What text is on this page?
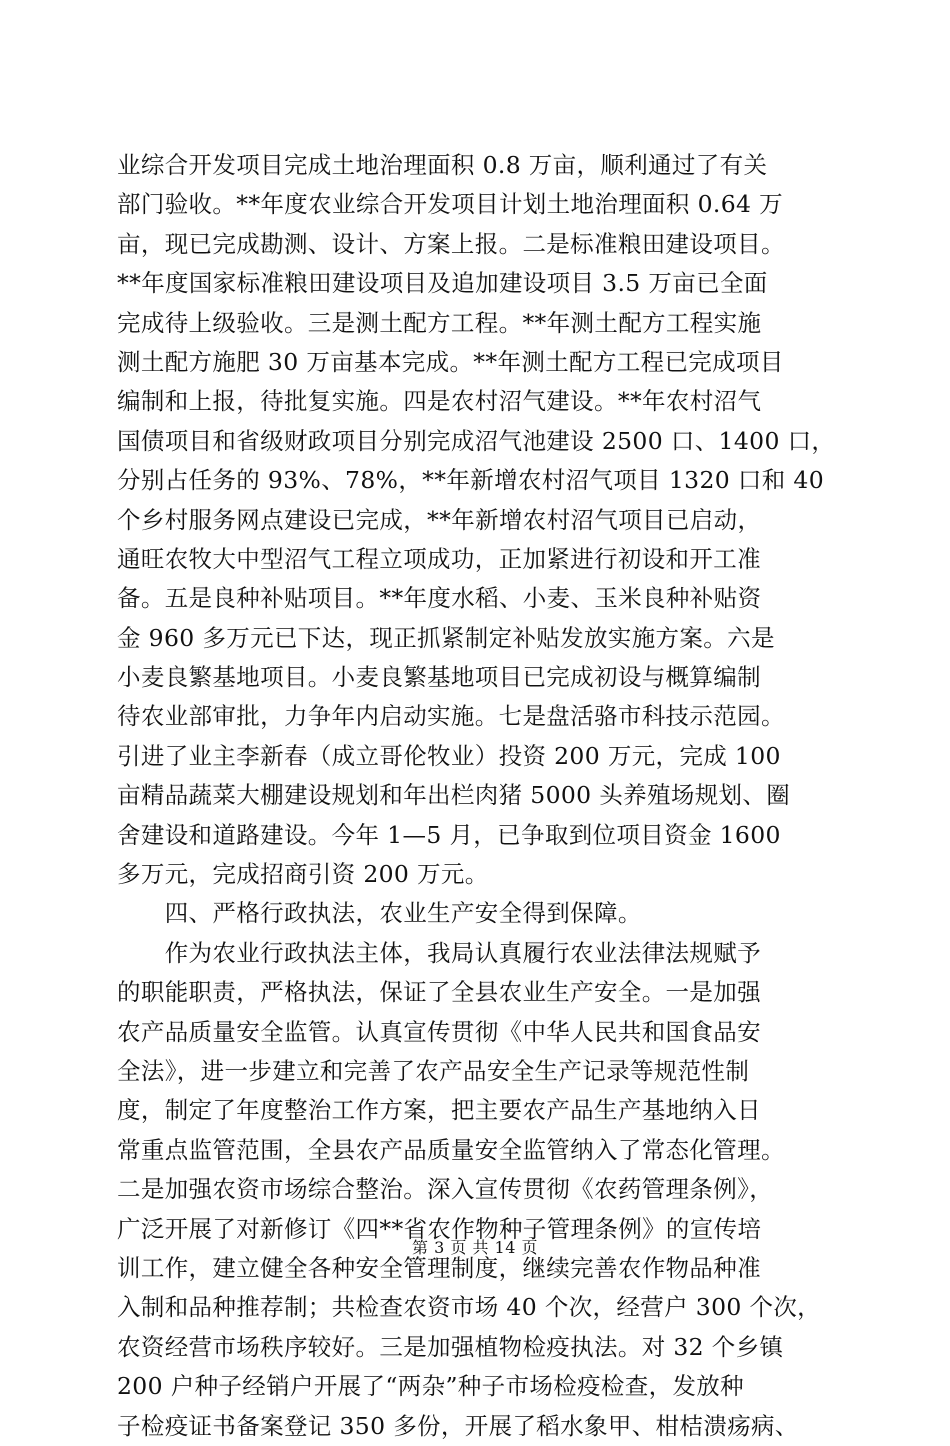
业综合开发项目完成土地治理面积 0.8 万亩，顺利通过了有关
部门验收。**年度农业综合开发项目计划土地治理面积 0.64 万
亩，现已完成勘测、设计、方案上报。二是标准粮田建设项目。
**年度国家标准粮田建设项目及追加建设项目 3.5 万亩已全面
完成待上级验收。三是测土配方工程。**年测土配方工程实施
测土配方施肥 30 万亩基本完成。**年测土配方工程已完成项目
编制和上报，待批复实施。四是农村沼气建设。**年农村沼气
国债项目和省级财政项目分别完成沼气池建设 2500 口、1400 口，
分别占任务的 93%、78%，**年新增农村沼气项目 1320 口和 40
个乡村服务网点建设已完成，**年新增农村沼气项目已启动，
通旺农牧大中型沼气工程立项成功，正加紧进行初设和开工准
备。五是良种补贴项目。**年度水稻、小麦、玉米良种补贴资
金 960 多万元已下达，现正抓紧制定补贴发放实施方案。六是
小麦良繁基地项目。小麦良繁基地项目已完成初设与概算编制
待农业部审批，力争年内启动实施。七是盘活骆市科技示范园。
引进了业主李新春（成立哥伦牧业）投资 200 万元，完成 100
亩精品蔬菜大棚建设规划和年出栏肉猪 5000 头养殖场规划、圈
舍建设和道路建设。今年 1—5 月，已争取到位项目资金 1600
多万元，完成招商引资 200 万元。
　　四、严格行政执法，农业生产安全得到保障。
　　作为农业行政执法主体，我局认真履行农业法律法规赋予
的职能职责，严格执法，保证了全县农业生产安全。一是加强
农产品质量安全监管。认真宣传贯彻《中华人民共和国食品安
全法》，进一步建立和完善了农产品安全生产记录等规范性制
度，制定了年度整治工作方案，把主要农产品生产基地纳入日
常重点监管范围，全县农产品质量安全监管纳入了常态化管理。
二是加强农资市场综合整治。深入宣传贯彻《农药管理条例》，
广泛开展了对新修订《四**省农作物种子管理条例》的宣传培
训工作，建立健全各种安全管理制度，继续完善农作物品种准
入制和品种推荐制；共检查农资市场 40 个次，经营户 300 个次，
农资经营市场秩序较好。三是加强植物检疫执法。对 32 个乡镇
200 户种子经销户开展了“两杂”种子市场检疫检查，发放种
子检疫证书备案登记 350 多份，开展了稻水象甲、柑桔溃疡病、
第 3 页 共 14 页
